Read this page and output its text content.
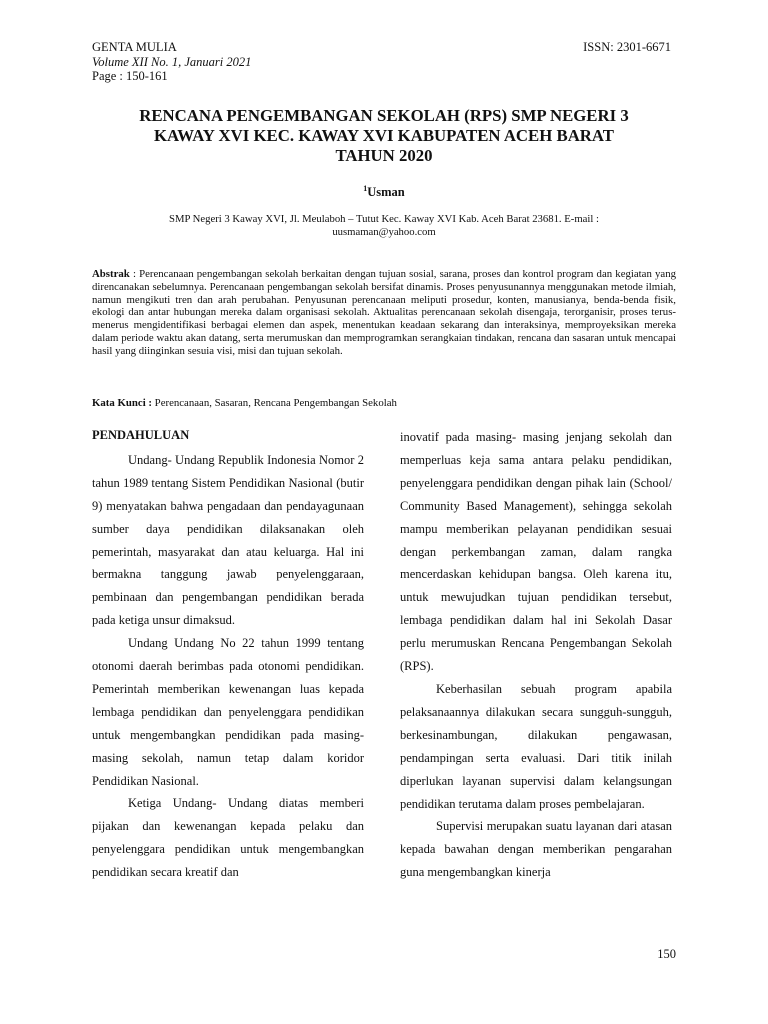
GENTA MULIA
Volume XII No. 1, Januari 2021
Page : 150-161
ISSN: 2301-6671
RENCANA PENGEMBANGAN SEKOLAH (RPS) SMP NEGERI 3
KAWAY XVI KEC. KAWAY XVI KABUPATEN ACEH BARAT
TAHUN 2020
$^1$Usman
SMP Negeri 3 Kaway XVI, Jl. Meulaboh – Tutut Kec. Kaway XVI Kab. Aceh Barat 23681. E-mail :
uusmaman@yahoo.com
Abstrak : Perencanaan pengembangan sekolah berkaitan dengan tujuan sosial, sarana, proses dan kontrol program dan kegiatan yang direncanakan sebelumnya. Perencanaan pengembangan sekolah bersifat dinamis. Proses penyusunannya menggunakan metode ilmiah, namun mengikuti tren dan arah perubahan. Penyusunan perencanaan meliputi prosedur, konten, manusianya, benda-benda fisik, ekologi dan antar hubungan mereka dalam organisasi sekolah. Aktualitas perencanaan sekolah disengaja, terorganisir, proses terus-menerus mengidentifikasi berbagai elemen dan aspek, menentukan keadaan sekarang dan interaksinya, memproyeksikan mereka dalam periode waktu akan datang, serta merumuskan dan memprogramkan serangkaian tindakan, rencana dan sasaran untuk mencapai hasil yang diinginkan sesuia visi, misi dan tujuan sekolah.
Kata Kunci : Perencanaan, Sasaran, Rencana Pengembangan Sekolah
PENDAHULUAN

Undang- Undang Republik Indonesia Nomor 2 tahun 1989 tentang Sistem Pendidikan Nasional (butir 9) menyatakan bahwa pengadaan dan pendayagunaan sumber daya pendidikan dilaksanakan oleh pemerintah, masyarakat dan atau keluarga. Hal ini bermakna tanggung jawab penyelenggaraan, pembinaan dan pengembangan pendidikan berada pada ketiga unsur dimaksud.

Undang Undang No 22 tahun 1999 tentang otonomi daerah berimbas pada otonomi pendidikan. Pemerintah memberikan kewenangan luas kepada lembaga pendidikan dan penyelenggara pendidikan untuk mengembangkan pendidikan pada masing-masing sekolah, namun tetap dalam koridor Pendidikan Nasional.

Ketiga Undang- Undang diatas memberi pijakan dan kewenangan kepada pelaku dan penyelenggara pendidikan untuk mengembangkan pendidikan secara kreatif dan

inovatif pada masing- masing jenjang sekolah dan memperluas keja sama antara pelaku pendidikan, penyelenggara pendidikan dengan pihak lain (School/ Community Based Management), sehingga sekolah mampu memberikan pelayanan pendidikan sesuai dengan perkembangan zaman, dalam rangka mencerdaskan kehidupan bangsa. Oleh karena itu, untuk mewujudkan tujuan pendidikan tersebut, lembaga pendidikan dalam hal ini Sekolah Dasar perlu merumuskan Rencana Pengembangan Sekolah (RPS).

Keberhasilan sebuah program apabila pelaksanaannya dilakukan secara sungguh-sungguh, berkesinambungan, dilakukan pengawasan, pendampingan serta evaluasi. Dari titik inilah diperlukan layanan supervisi dalam kelangsungan pendidikan terutama dalam proses pembelajaran.

Supervisi merupakan suatu layanan dari atasan kepada bawahan dengan memberikan pengarahan guna mengembangkan kinerja

150
